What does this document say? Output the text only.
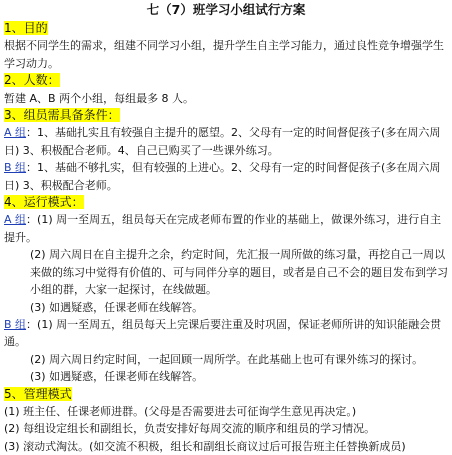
七（7）班学习小组试行方案
1、目的
根据不同学生的需求，组建不同学习小组，提升学生自主学习能力，通过良性竞争增强学生学习动力。
2、人数：
暂建 A、B 两个小组，每组最多 8 人。
3、组员需具备条件：
A 组：1、基础扎实且有较强自主提升的愿望。2、父母有一定的时间督促孩子(多在周六周日) 3、积极配合老师。4、自己已购买了一些课外练习。
B 组：1、基础不够扎实，但有较强的上进心。2、父母有一定的时间督促孩子(多在周六周日) 3、积极配合老师。
4、运行模式：
A 组：(1) 周一至周五，组员每天在完成老师布置的作业的基础上，做课外练习，进行自主提升。
(2) 周六周日在自主提升之余，约定时间，先汇报一周所做的练习量，再挖自己一周以来做的练习中觉得有价值的、可与同伴分享的题目，或者是自己不会的题目发布到学习小组的群，大家一起探讨，在线做题。
(3) 如遇疑惑，任课老师在线解答。
B 组：(1) 周一至周五，组员每天上完课后要注重及时巩固，保证老师所讲的知识能融会贯通。
(2) 周六周日约定时间，一起回顾一周所学。在此基础上也可有课外练习的探讨。
(3) 如遇疑惑，任课老师在线解答。
5、管理模式
(1) 班主任、任课老师进群。(父母是否需要进去可征询学生意见再决定。)
(2) 每组设定组长和副组长，负责安排好每周交流的顺序和组员的学习情况。
(3) 滚动式淘汰。(如交流不积极，组长和副组长商议过后可报告班主任替换新成员)
